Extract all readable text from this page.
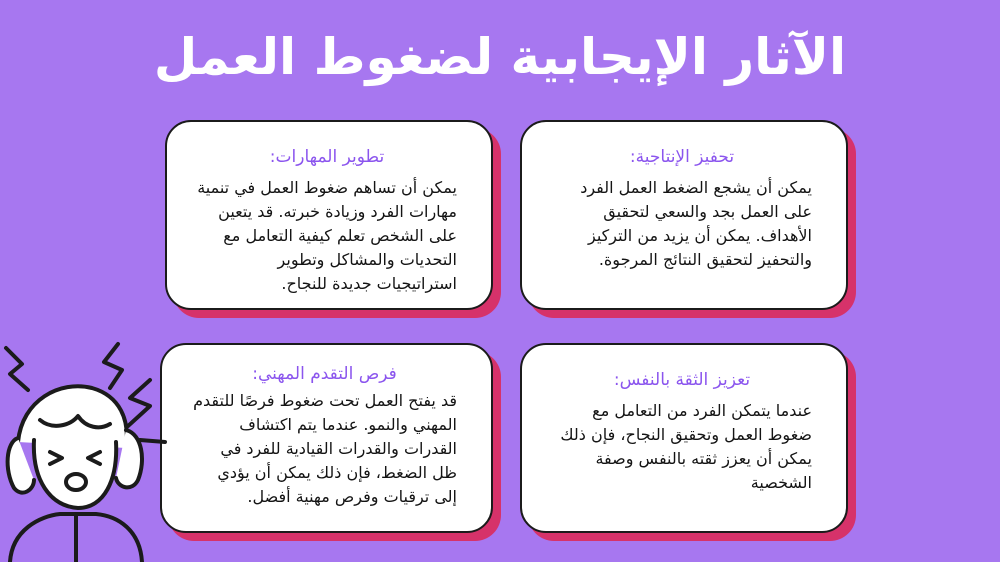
الآثار الإيجابية لضغوط العمل
تحفيز الإنتاجية:
يمكن أن يشجع الضغط العمل الفرد على العمل بجد والسعي لتحقيق الأهداف. يمكن أن يزيد من التركيز والتحفيز لتحقيق النتائج المرجوة.
تطوير المهارات:
يمكن أن تساهم ضغوط العمل في تنمية مهارات الفرد وزيادة خبرته. قد يتعين على الشخص تعلم كيفية التعامل مع التحديات والمشاكل وتطوير استراتيجيات جديدة للنجاح.
تعزيز الثقة بالنفس:
عندما يتمكن الفرد من التعامل مع ضغوط العمل وتحقيق النجاح، فإن ذلك يمكن أن يعزز ثقته بالنفس وصفة الشخصية
فرص التقدم المهني:
قد يفتح العمل تحت ضغوط فرصًا للتقدم المهني والنمو. عندما يتم اكتشاف القدرات والقدرات القيادية للفرد في ظل الضغط، فإن ذلك يمكن أن يؤدي إلى ترقيات وفرص مهنية أفضل.
